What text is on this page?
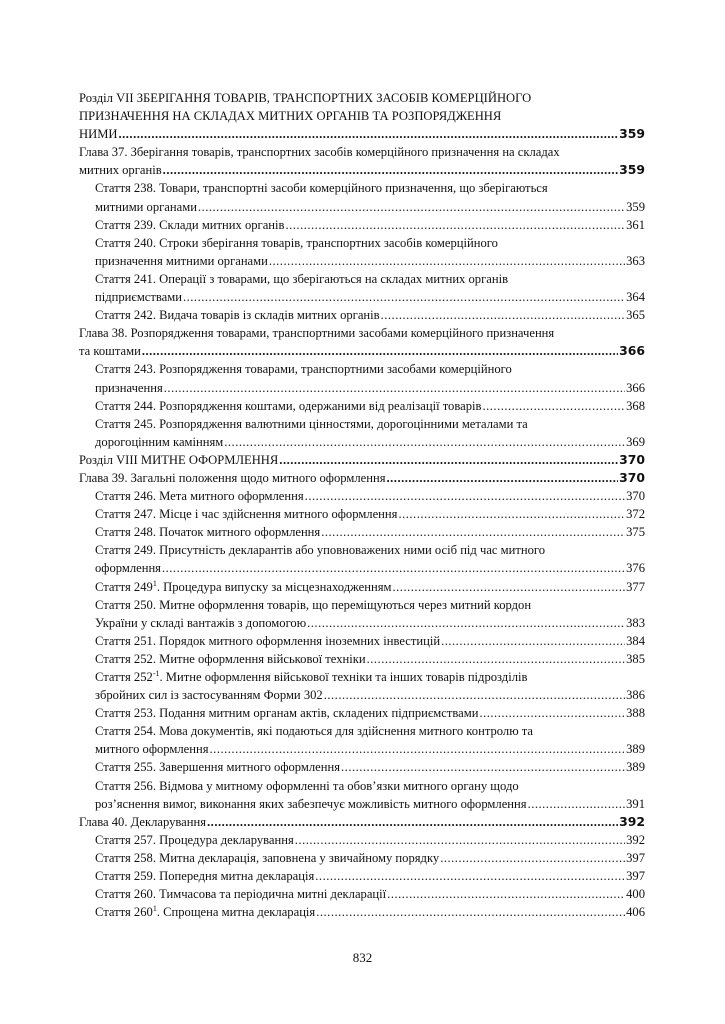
Розділ VII ЗБЕРІГАННЯ ТОВАРІВ, ТРАНСПОРТНИХ ЗАСОБІВ КОМЕРЦІЙНОГО
ПРИЗНАЧЕННЯ НА СКЛАДАХ МИТНИХ ОРГАНІВ ТА РОЗПОРЯДЖЕННЯ
НИМИ .....	359
Глава 37. Зберігання товарів, транспортних засобів комерційного призначення на складах
митних органів .....	359
Стаття 238. Товари, транспортні засоби комерційного призначення, що зберігаються
митними органами .....	359
Стаття 239. Склади митних органів .....	361
Стаття 240. Строки зберігання товарів, транспортних засобів комерційного
призначення митними органами .....	363
Стаття 241. Операції з товарами, що зберігаються на складах митних органів
підприємствами .....	364
Стаття 242. Видача товарів із складів митних органів .....	365
Глава 38. Розпорядження товарами, транспортними засобами комерційного призначення
та коштами .....	366
Стаття 243. Розпорядження товарами, транспортними засобами комерційного
призначення .....	366
Стаття 244. Розпорядження коштами, одержаними від реалізації товарів .....	368
Стаття 245. Розпорядження валютними цінностями, дорогоцінними металами та
дорогоцінним камінням .....	369
Розділ VIII МИТНЕ ОФОРМЛЕННЯ .....	370
Глава 39. Загальні положення щодо митного оформлення .....	370
Стаття 246. Мета митного оформлення .....	370
Стаття 247. Місце і час здійснення митного оформлення .....	372
Стаття 248. Початок митного оформлення .....	375
Стаття 249. Присутність декларантів або уповноважених ними осіб під час митного
оформлення .....	376
Стаття $249^1$. Процедура випуску за місцезнаходженням .....	377
Стаття 250. Митне оформлення товарів, що переміщуються через митний кордон
України у складі вантажів з допомогою .....	383
Стаття 251. Порядок митного оформлення іноземних інвестицій .....	384
Стаття 252. Митне оформлення військової техніки .....	385
Стаття $252^{-1}$. Митне оформлення військової техніки та інших товарів підрозділів
збройних сил із застосуванням Форми 302 .....	386
Стаття 253. Подання митним органам актів, складених підприємствами .....	388
Стаття 254. Мова документів, які подаються для здійснення митного контролю та
митного оформлення .....	389
Стаття 255. Завершення митного оформлення .....	389
Стаття 256. Відмова у митному оформленні та обов’язки митного органу щодо
роз’яснення вимог, виконання яких забезпечує можливість митного оформлення .....	391
Глава 40. Декларування .....	392
Стаття 257. Процедура декларування .....	392
Стаття 258. Митна декларація, заповнена у звичайному порядку .....	397
Стаття 259. Попередня митна декларація .....	397
Стаття 260. Тимчасова та періодична митні декларації .....	400
Стаття $260^1$. Спрощена митна декларація .....	406
832
